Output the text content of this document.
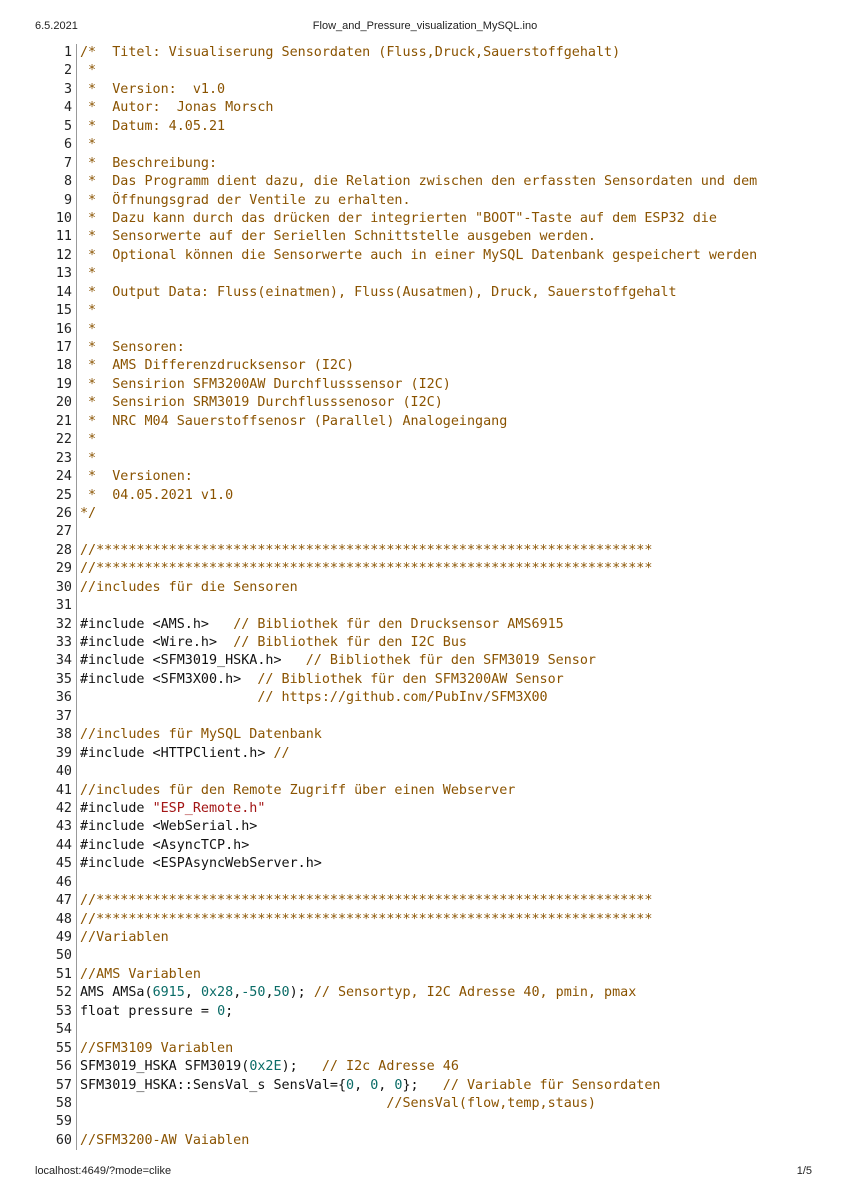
6.5.2021	Flow_and_Pressure_visualization_MySQL.ino
1 /*  Titel: Visualiserung Sensordaten (Fluss,Druck,Sauerstoffgehalt)
2 *
3 *  Version:  v1.0
4 *  Autor:  Jonas Morsch
5 *  Datum: 4.05.21
6 *
7 *  Beschreibung:
8 *  Das Programm dient dazu, die Relation zwischen den erfassten Sensordaten und dem
9 *  Öffnungsgrad der Ventile zu erhalten.
10 *  Dazu kann durch das drücken der integrierten "BOOT"-Taste auf dem ESP32 die
11 *  Sensorwerte auf der Seriellen Schnittstelle ausgeben werden.
12 *  Optional können die Sensorwerte auch in einer MySQL Datenbank gespeichert werden
13 *
14 *  Output Data: Fluss(einatmen), Fluss(Ausatmen), Druck, Sauerstoffgehalt
15 *
16 *
17 *  Sensoren:
18 *  AMS Differenzdrucksensor (I2C)
19 *  Sensirion SFM3200AW Durchflusssensor (I2C)
20 *  Sensirion SRM3019 Durchflusssenosor (I2C)
21 *  NRC M04 Sauerstoffsenosr (Parallel) Analogeingang
22 *
23 *
24 *  Versionen:
25 *  04.05.2021 v1.0
26 */
27
28 //*********************************************************************
29 //*********************************************************************
30 //includes für die Sensoren
31
32 #include <AMS.h>   // Bibliothek für den Drucksensor AMS6915
33 #include <Wire.h>  // Bibliothek für den I2C Bus
34 #include <SFM3019_HSKA.h>   // Bibliothek für den SFM3019 Sensor
35 #include <SFM3X00.h>  // Bibliothek für den SFM3200AW Sensor
36	// https://github.com/PubInv/SFM3X00
37
38 //includes für MySQL Datenbank
39 #include <HTTPClient.h> //
40
41 //includes für den Remote Zugriff über einen Webserver
42 #include "ESP_Remote.h"
43 #include <WebSerial.h>
44 #include <AsyncTCP.h>
45 #include <ESPAsyncWebServer.h>
46
47 //*********************************************************************
48 //*********************************************************************
49 //Variablen
50
51 //AMS Variablen
52 AMS AMSa(6915, 0x28,-50,50); // Sensortyp, I2C Adresse 40, pmin, pmax
53 float pressure = 0;
54
55 //SFM3109 Variablen
56 SFM3019_HSKA SFM3019(0x2E);   // I2c Adresse 46
57 SFM3019_HSKA::SensVal_s SensVal={0, 0, 0};   // Variable für Sensordaten
58	//SensVal(flow,temp,staus)
59
60 //SFM3200-AW Vaiablen
localhost:4649/?mode=clike	1/5
